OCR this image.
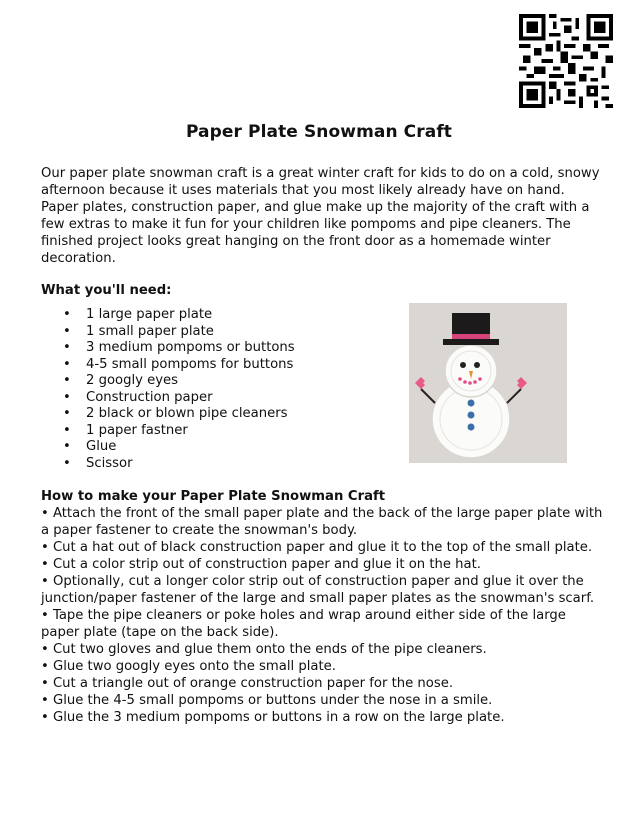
Paper Plate Snowman Craft
Our paper plate snowman craft is a great winter craft for kids to do on a cold, snowy afternoon because it uses materials that you most likely already have on hand. Paper plates, construction paper, and glue make up the majority of the craft with a few extras to make it fun for your children like pompoms and pipe cleaners. The finished project looks great hanging on the front door as a homemade winter decoration.
What you'll need:
• 1 large paper plate
• 1 small paper plate
• 3 medium pompoms or buttons
• 4-5 small pompoms for buttons
• 2 googly eyes
• Construction paper
• 2 black or blown pipe cleaners
• 1 paper fastner
• Glue
• Scissor
How to make your Paper Plate Snowman Craft
• Attach the front of the small paper plate and the back of the large paper plate with a paper fastener to create the snowman's body.
• Cut a hat out of black construction paper and glue it to the top of the small plate.
• Cut a color strip out of construction paper and glue it on the hat.
• Optionally, cut a longer color strip out of construction paper and glue it over the junction/paper fastener of the large and small paper plates as the snowman's scarf.
• Tape the pipe cleaners or poke holes and wrap around either side of the large paper plate (tape on the back side).
• Cut two gloves and glue them onto the ends of the pipe cleaners.
• Glue two googly eyes onto the small plate.
• Cut a triangle out of orange construction paper for the nose.
• Glue the 4-5 small pompoms or buttons under the nose in a smile.
• Glue the 3 medium pompoms or buttons in a row on the large plate.
